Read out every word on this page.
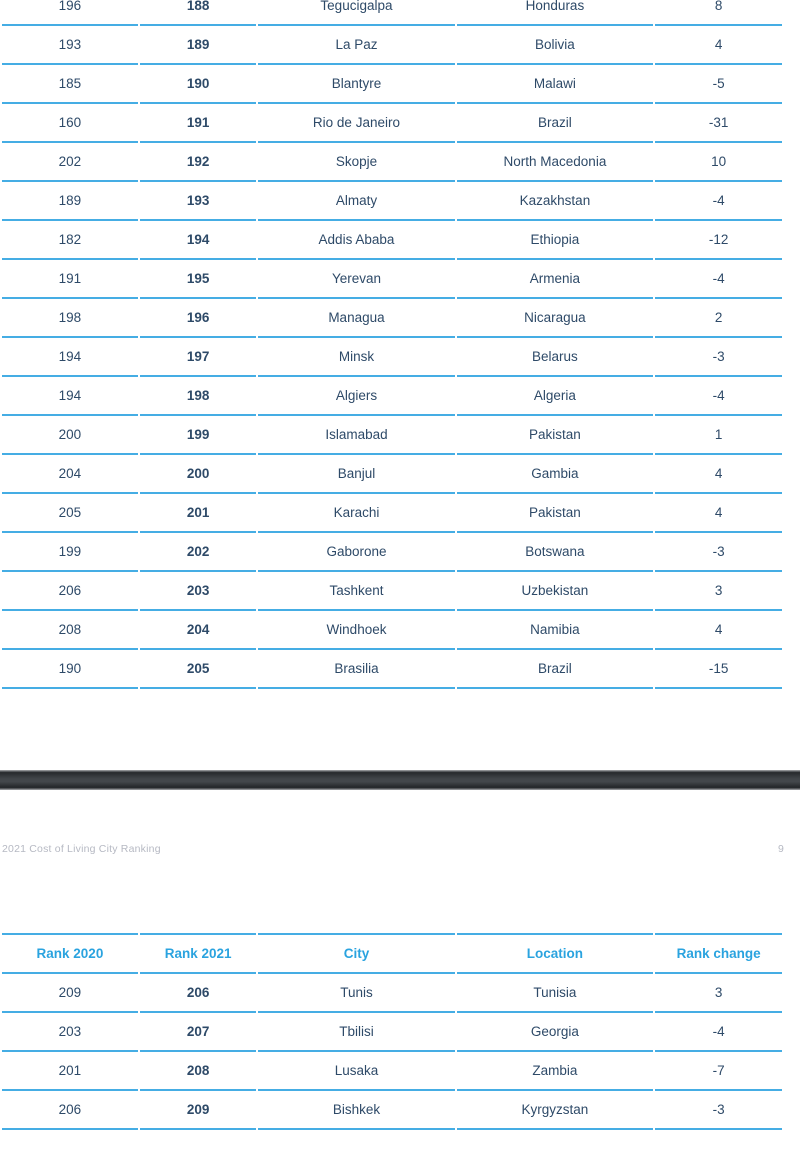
196	188	Tegucigalpa	Honduras	8
193	189	La Paz	Bolivia	4
185	190	Blantyre	Malawi	-5
160	191	Rio de Janeiro	Brazil	-31
202	192	Skopje	North Macedonia	10
189	193	Almaty	Kazakhstan	-4
182	194	Addis Ababa	Ethiopia	-12
191	195	Yerevan	Armenia	-4
198	196	Managua	Nicaragua	2
194	197	Minsk	Belarus	-3
194	198	Algiers	Algeria	-4
200	199	Islamabad	Pakistan	1
204	200	Banjul	Gambia	4
205	201	Karachi	Pakistan	4
199	202	Gaborone	Botswana	-3
206	203	Tashkent	Uzbekistan	3
208	204	Windhoek	Namibia	4
190	205	Brasilia	Brazil	-15
2021 Cost of Living City Ranking	9
Rank 2020	Rank 2021	City	Location	Rank change
209	206	Tunis	Tunisia	3
203	207	Tbilisi	Georgia	-4
201	208	Lusaka	Zambia	-7
206	209	Bishkek	Kyrgyzstan	-3
